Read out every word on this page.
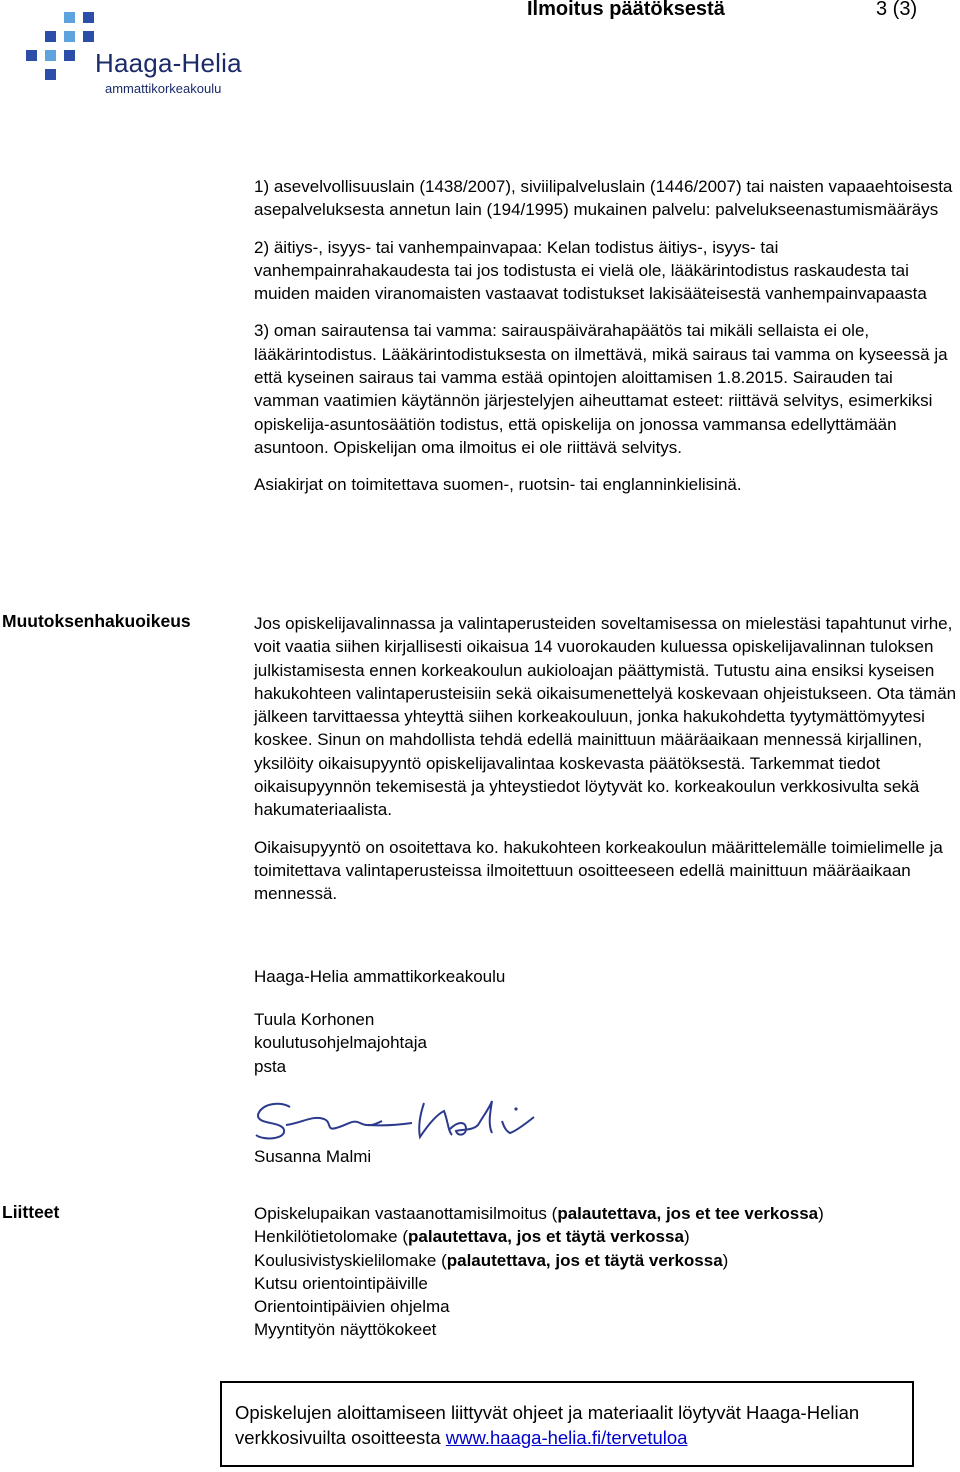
Haaga-Helia
ammattikorkeakoulu
Ilmoitus päätöksestä	3 (3)

1) asevelvollisuuslain (1438/2007), siviilipalveluslain (1446/2007) tai naisten vapaaehtoisesta asepalveluksesta annetun lain (194/1995) mukainen palvelu: palvelukseenastumismääräys

2) äitiys-, isyys- tai vanhempainvapaa: Kelan todistus äitiys-, isyys- tai vanhempainrahakaudesta tai jos todistusta ei vielä ole, lääkärintodistus raskaudesta tai muiden maiden viranomaisten vastaavat todistukset lakisääteisestä vanhempainvapaasta

3) oman sairautensa tai vamma: sairauspäivärahapäätös tai mikäli sellaista ei ole, lääkärintodistus. Lääkärintodistuksesta on ilmettävä, mikä sairaus tai vamma on kyseessä ja että kyseinen sairaus tai vamma estää opintojen aloittamisen 1.8.2015. Sairauden tai vamman vaatimien käytännön järjestelyjen aiheuttamat esteet: riittävä selvitys, esimerkiksi opiskelija-asuntosäätiön todistus, että opiskelija on jonossa vammansa edellyttämään asuntoon. Opiskelijan oma ilmoitus ei ole riittävä selvitys.

Asiakirjat on toimitettava suomen-, ruotsin- tai englanninkielisinä.

Muutoksenhakuoikeus	Jos opiskelijavalinnassa ja valintaperusteiden soveltamisessa on mielestäsi tapahtunut virhe, voit vaatia siihen kirjallisesti oikaisua 14 vuorokauden kuluessa opiskelijavalinnan tuloksen julkistamisesta ennen korkeakoulun aukioloajan päättymistä. Tutustu aina ensiksi kyseisen hakukohteen valintaperusteisiin sekä oikaisumenettelyä koskevaan ohjeistukseen. Ota tämän jälkeen tarvittaessa yhteyttä siihen korkeakouluun, jonka hakukohdetta tyytymättömyytesi koskee. Sinun on mahdollista tehdä edellä mainittuun määräaikaan mennessä kirjallinen, yksilöity oikaisupyyntö opiskelijavalintaa koskevasta päätöksestä. Tarkemmat tiedot oikaisupyynnön tekemisestä ja yhteystiedot löytyvät ko. korkeakoulun verkkosivulta sekä hakumateriaalista.

Oikaisupyyntö on osoitettava ko. hakukohteen korkeakoulun määrittelemälle toimielimelle ja toimitettava valintaperusteissa ilmoitettuun osoitteeseen edellä mainittuun määräaikaan mennessä.

Haaga-Helia ammattikorkeakoulu
Tuula Korhonen
koulutusohjelmajohtaja
psta
Susanna Malmi
Liitteet	Opiskelupaikan vastaanottamisilmoitus (palautettava, jos et tee verkossa)
Henkilötietolomake (palautettava, jos et täytä verkossa)
Koulusivistyskielilomake (palautettava, jos et täytä verkossa)
Kutsu orientointipäiville
Orientointipäivien ohjelma
Myyntityön näyttökokeet
Opiskelujen aloittamiseen liittyvät ohjeet ja materiaalit löytyvät Haaga-Helian verkkosivuilta osoitteesta www.haaga-helia.fi/tervetuloa
